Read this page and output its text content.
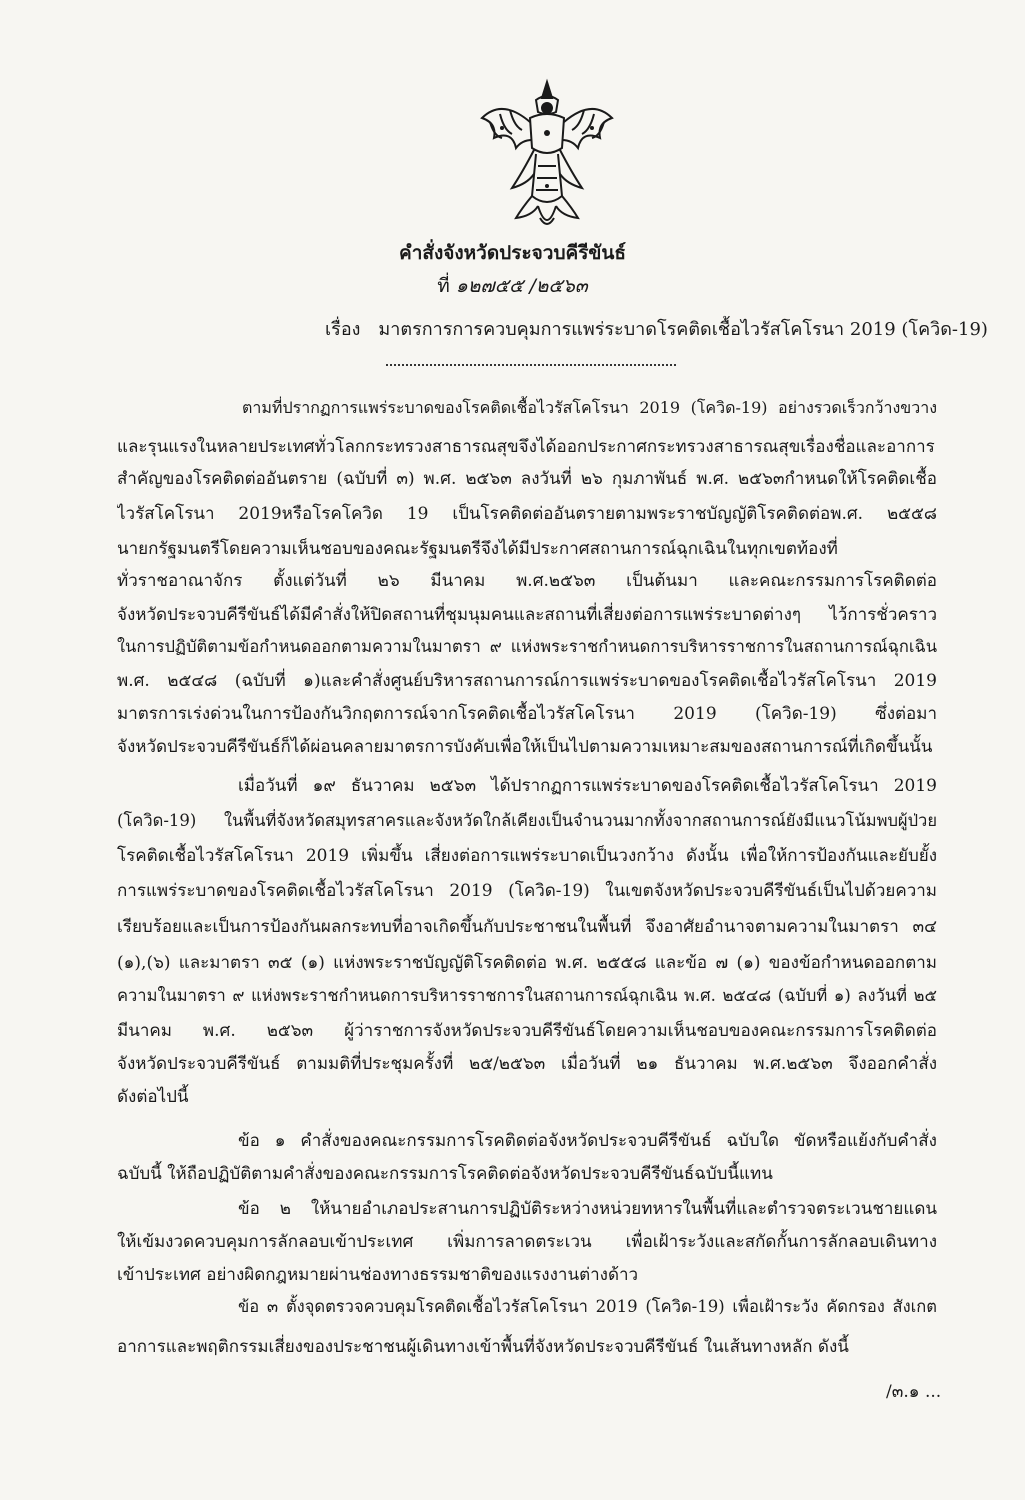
คำสั่งจังหวัดประจวบคีรีขันธ์
ที่ ๑๒๗๕๕ /๒๕๖๓
เรื่อง มาตรการการควบคุมการแพร่ระบาดโรคติดเชื้อไวรัสโคโรนา 2019 (โควิด-19)
ตามที่ปรากฏการแพร่ระบาดของโรคติดเชื้อไวรัสโคโรนา 2019 (โควิด-19) อย่างรวดเร็วกว้างขวาง
และรุนแรงในหลายประเทศทั่วโลกกระทรวงสาธารณสุขจึงได้ออกประกาศกระทรวงสาธารณสุขเรื่องชื่อและอาการ
สำคัญของโรคติดต่ออันตราย (ฉบับที่ ๓) พ.ศ. ๒๕๖๓ ลงวันที่ ๒๖ กุมภาพันธ์ พ.ศ. ๒๕๖๓กำหนดให้โรคติดเชื้อ
ไวรัสโคโรนา 2019หรือโรคโควิด 19 เป็นโรคติดต่ออันตรายตามพระราชบัญญัติโรคติดต่อพ.ศ. ๒๕๕๘
นายกรัฐมนตรีโดยความเห็นชอบของคณะรัฐมนตรีจึงได้มีประกาศสถานการณ์ฉุกเฉินในทุกเขตท้องที่
ทั่วราชอาณาจักร ตั้งแต่วันที่ ๒๖ มีนาคม พ.ศ.๒๕๖๓ เป็นต้นมา และคณะกรรมการโรคติดต่อ
จังหวัดประจวบคีรีขันธ์ได้มีคำสั่งให้ปิดสถานที่ชุมนุมคนและสถานที่เสี่ยงต่อการแพร่ระบาดต่างๆ ไว้การชั่วคราว
ในการปฏิบัติตามข้อกำหนดออกตามความในมาตรา ๙ แห่งพระราชกำหนดการบริหารราชการในสถานการณ์ฉุกเฉิน
พ.ศ. ๒๕๔๘ (ฉบับที่ ๑)และคำสั่งศูนย์บริหารสถานการณ์การแพร่ระบาดของโรคติดเชื้อไวรัสโคโรนา 2019
มาตรการเร่งด่วนในการป้องกันวิกฤตการณ์จากโรคติดเชื้อไวรัสโคโรนา 2019 (โควิด-19) ซึ่งต่อมา
จังหวัดประจวบคีรีขันธ์ก็ได้ผ่อนคลายมาตรการบังคับเพื่อให้เป็นไปตามความเหมาะสมของสถานการณ์ที่เกิดขึ้นนั้น
เมื่อวันที่ ๑๙ ธันวาคม ๒๕๖๓ ได้ปรากฏการแพร่ระบาดของโรคติดเชื้อไวรัสโคโรนา 2019
(โควิด-19) ในพื้นที่จังหวัดสมุทรสาครและจังหวัดใกล้เคียงเป็นจำนวนมากทั้งจากสถานการณ์ยังมีแนวโน้มพบผู้ป่วย
โรคติดเชื้อไวรัสโคโรนา 2019 เพิ่มขึ้น เสี่ยงต่อการแพร่ระบาดเป็นวงกว้าง ดังนั้น เพื่อให้การป้องกันและยับยั้ง
การแพร่ระบาดของโรคติดเชื้อไวรัสโคโรนา 2019 (โควิด-19) ในเขตจังหวัดประจวบคีรีขันธ์เป็นไปด้วยความ
เรียบร้อยและเป็นการป้องกันผลกระทบที่อาจเกิดขึ้นกับประชาชนในพื้นที่ จึงอาศัยอำนาจตามความในมาตรา ๓๔
(๑),(๖) และมาตรา ๓๕ (๑) แห่งพระราชบัญญัติโรคติดต่อ พ.ศ. ๒๕๕๘ และข้อ ๗ (๑) ของข้อกำหนดออกตาม
ความในมาตรา ๙ แห่งพระราชกำหนดการบริหารราชการในสถานการณ์ฉุกเฉิน พ.ศ. ๒๕๔๘ (ฉบับที่ ๑) ลงวันที่ ๒๕
มีนาคม พ.ศ. ๒๕๖๓ ผู้ว่าราชการจังหวัดประจวบคีรีขันธ์โดยความเห็นชอบของคณะกรรมการโรคติดต่อ
จังหวัดประจวบคีรีขันธ์ ตามมติที่ประชุมครั้งที่ ๒๕/๒๕๖๓ เมื่อวันที่ ๒๑ ธันวาคม พ.ศ.๒๕๖๓ จึงออกคำสั่ง
ดังต่อไปนี้
ข้อ ๑ คำสั่งของคณะกรรมการโรคติดต่อจังหวัดประจวบคีรีขันธ์ ฉบับใด ขัดหรือแย้งกับคำสั่ง
ฉบับนี้ ให้ถือปฏิบัติตามคำสั่งของคณะกรรมการโรคติดต่อจังหวัดประจวบคีรีขันธ์ฉบับนี้แทน
ข้อ ๒ ให้นายอำเภอประสานการปฏิบัติระหว่างหน่วยทหารในพื้นที่และตำรวจตระเวนชายแดน
ให้เข้มงวดควบคุมการลักลอบเข้าประเทศ เพิ่มการลาดตระเวน เพื่อเฝ้าระวังและสกัดกั้นการลักลอบเดินทาง
เข้าประเทศ อย่างผิดกฎหมายผ่านช่องทางธรรมชาติของแรงงานต่างด้าว
ข้อ ๓ ตั้งจุดตรวจควบคุมโรคติดเชื้อไวรัสโคโรนา 2019 (โควิด-19) เพื่อเฝ้าระวัง คัดกรอง สังเกต
อาการและพฤติกรรมเสี่ยงของประชาชนผู้เดินทางเข้าพื้นที่จังหวัดประจวบคีรีขันธ์ ในเส้นทางหลัก ดังนี้
/๓.๑ ...
